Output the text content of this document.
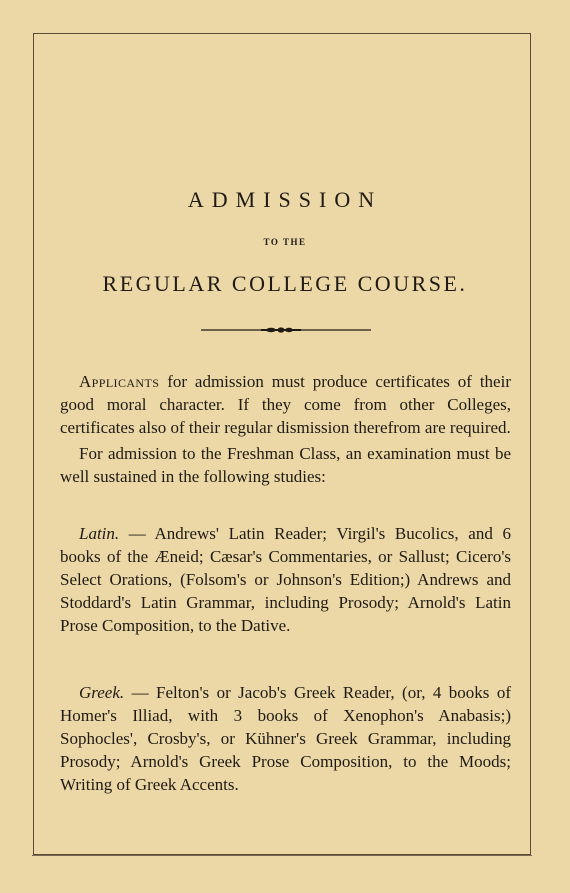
ADMISSION
TO THE
REGULAR COLLEGE COURSE.

Applicants for admission must produce certificates of their good moral character. If they come from other Colleges, certificates also of their regular dismission therefrom are required.

For admission to the Freshman Class, an examination must be well sustained in the following studies:

Latin. — Andrews' Latin Reader; Virgil's Bucolics, and 6 books of the Æneid; Cæsar's Commentaries, or Sallust; Cicero's Select Orations, (Folsom's or Johnson's Edition;) Andrews and Stoddard's Latin Grammar, including Prosody; Arnold's Latin Prose Composition, to the Dative.

Greek. — Felton's or Jacob's Greek Reader, (or, 4 books of Homer's Illiad, with 3 books of Xenophon's Anabasis;) Sophocles', Crosby's, or Kühner's Greek Grammar, including Prosody; Arnold's Greek Prose Composition, to the Moods; Writing of Greek Accents.
